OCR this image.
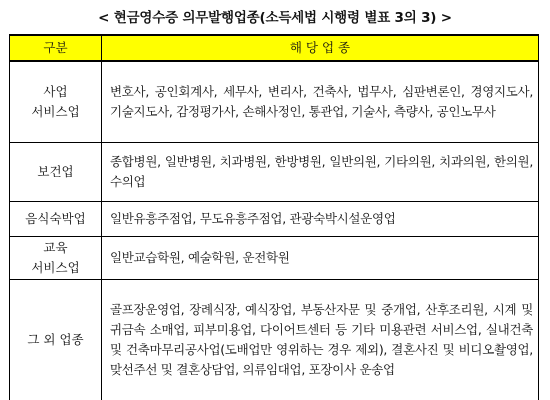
< 현금영수증 의무발행업종(소득세법 시행령 별표 3의 3) >
구분	해 당 업 종

사업
서비스업	변호사, 공인회계사, 세무사, 변리사, 건축사, 법무사, 심판변론인, 경영지도사, 기술지도사, 감정평가사, 손해사정인, 통관업, 기술사, 측량사, 공인노무사

보건업	종합병원, 일반병원, 치과병원, 한방병원, 일반의원, 기타의원, 치과의원, 한의원, 수의업

음식숙박업	일반유흥주점업, 무도유흥주점업, 관광숙박시설운영업

교육
서비스업	일반교습학원, 예술학원, 운전학원

그 외 업종	골프장운영업, 장례식장, 예식장업, 부동산자문 및 중개업, 산후조리원, 시계 및 귀금속 소매업, 피부미용업, 다이어트센터 등 기타 미용관련 서비스업, 실내건축 및 건축마무리공사업(도배업만 영위하는 경우 제외), 결혼사진 및 비디오촬영업, 맞선주선 및 결혼상담업, 의류임대업, 포장이사 운송업
